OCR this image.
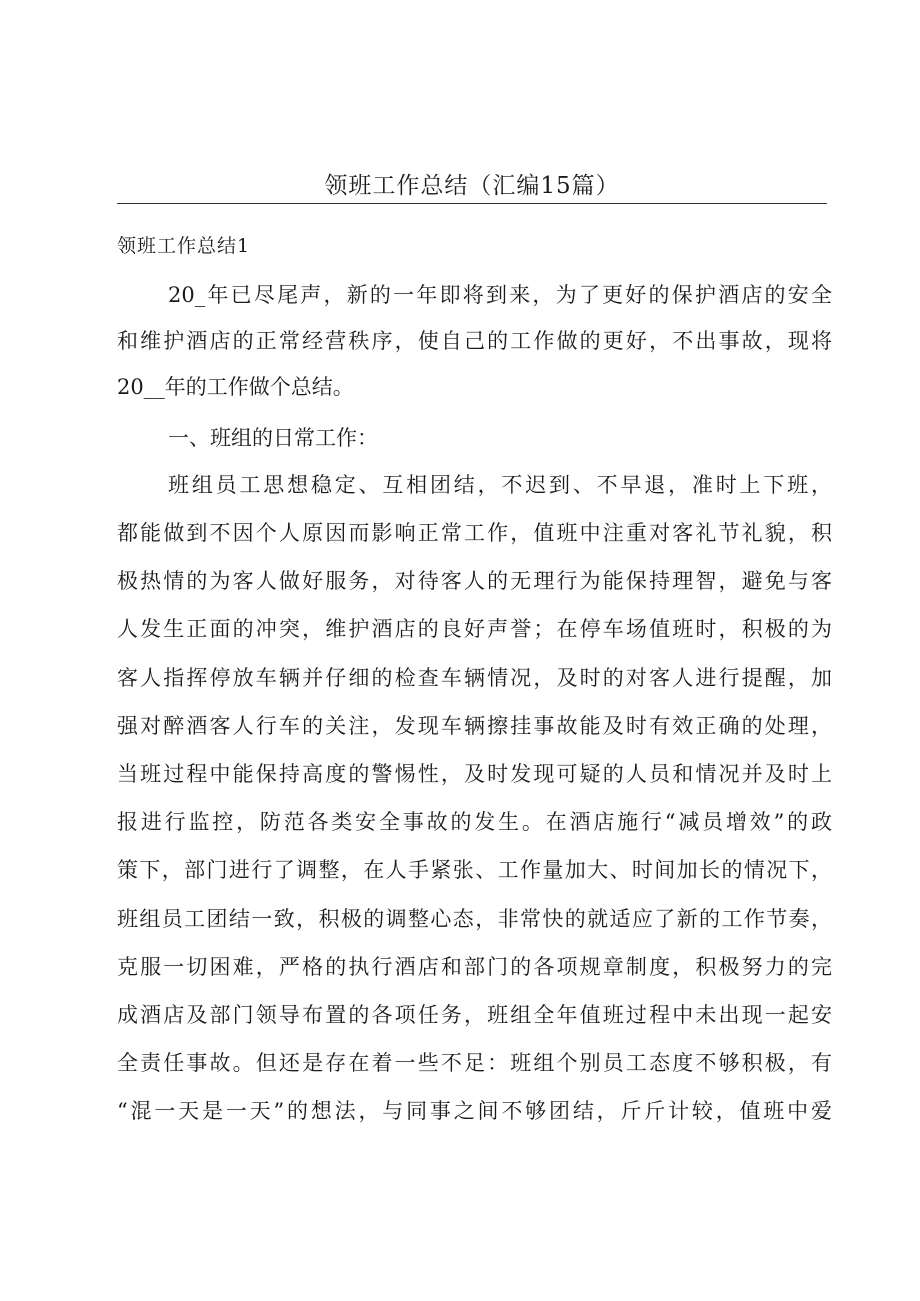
领班工作总结（汇编15篇）
领班工作总结1
20_年已尽尾声，新的一年即将到来，为了更好的保护酒店的安全
和维护酒店的正常经营秩序，使自己的工作做的更好，不出事故，现将
20__年的工作做个总结。
一、班组的日常工作：
班组员工思想稳定、互相团结，不迟到、不早退，准时上下班，
都能做到不因个人原因而影响正常工作，值班中注重对客礼节礼貌，积
极热情的为客人做好服务，对待客人的无理行为能保持理智，避免与客
人发生正面的冲突，维护酒店的良好声誉；在停车场值班时，积极的为
客人指挥停放车辆并仔细的检查车辆情况，及时的对客人进行提醒，加
强对醉酒客人行车的关注，发现车辆擦挂事故能及时有效正确的处理，
当班过程中能保持高度的警惕性，及时发现可疑的人员和情况并及时上
报进行监控，防范各类安全事故的发生。在酒店施行“减员增效”的政
策下，部门进行了调整，在人手紧张、工作量加大、时间加长的情况下，
班组员工团结一致，积极的调整心态，非常快的就适应了新的工作节奏，
克服一切困难，严格的执行酒店和部门的各项规章制度，积极努力的完
成酒店及部门领导布置的各项任务，班组全年值班过程中未出现一起安
全责任事故。但还是存在着一些不足：班组个别员工态度不够积极，有
“混一天是一天”的想法，与同事之间不够团结，斤斤计较，值班中爱
